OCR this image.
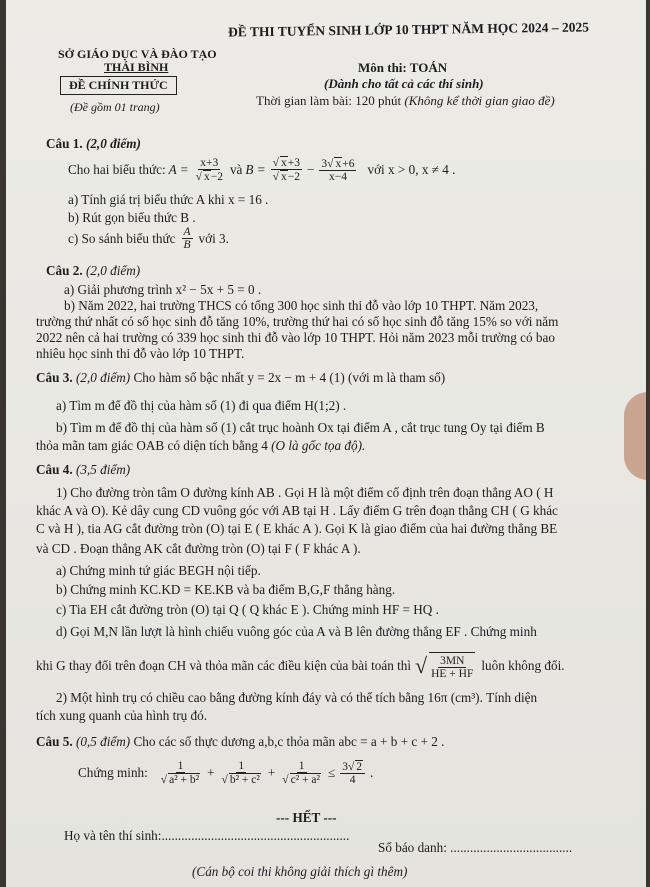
SỞ GIÁO DỤC VÀ ĐÀO TẠO
THÁI BÌNH
ĐỀ CHÍNH THỨC
(Đề gồm 01 trang)
ĐỀ THI TUYỂN SINH LỚP 10 THPT NĂM HỌC 2024 – 2025
Môn thi: TOÁN
(Dành cho tất cả các thí sinh)
Thời gian làm bài: 120 phút (Không kể thời gian giao đề)
Câu 1. (2,0 điểm)
Cho hai biểu thức: $A = \frac{x+3}{√ x-2}$ và $B = \frac{√ x+3}{√ x-2} - \frac{3√ x+6}{x-4}$ với x > 0, x ≠ 4 .
a) Tính giá trị biểu thức A khi x = 16 .
b) Rút gọn biểu thức B .
c) So sánh biểu thức $\frac{A}{B}$ với 3.
Câu 2. (2,0 điểm)
a) Giải phương trình x² − 5x + 5 = 0 .
b) Năm 2022, hai trường THCS có tổng 300 học sinh thi đỗ vào lớp 10 THPT. Năm 2023,
trường thứ nhất có số học sinh đỗ tăng 10%, trường thứ hai có số học sinh đỗ tăng 15% so với năm
2022 nên cả hai trường có 339 học sinh thi đỗ vào lớp 10 THPT. Hỏi năm 2023 mỗi trường có bao
nhiêu học sinh thi đỗ vào lớp 10 THPT.
Câu 3. (2,0 điểm) Cho hàm số bậc nhất y = 2x − m + 4 (1) (với m là tham số)
a) Tìm m để đồ thị của hàm số (1) đi qua điểm H(1;2) .
b) Tìm m để đồ thị của hàm số (1) cắt trục hoành Ox tại điểm A , cắt trục tung Oy tại điểm B
thỏa mãn tam giác OAB có diện tích bằng 4 (O là gốc tọa độ).
Câu 4. (3,5 điểm)
1) Cho đường tròn tâm O đường kính AB . Gọi H là một điểm cố định trên đoạn thẳng AO ( H
khác A và O). Kẻ dây cung CD vuông góc với AB tại H . Lấy điểm G trên đoạn thẳng CH ( G khác
C và H ), tia AG cắt đường tròn (O) tại E ( E khác A ). Gọi K là giao điểm của hai đường thẳng BE
và CD . Đoạn thẳng AK cắt đường tròn (O) tại F ( F khác A ).
a) Chứng minh tứ giác BEGH nội tiếp.
b) Chứng minh KC.KD = KE.KB và ba điểm B,G,F thẳng hàng.
c) Tia EH cắt đường tròn (O) tại Q ( Q khác E ). Chứng minh HF = HQ .
d) Gọi M,N lần lượt là hình chiếu vuông góc của A và B lên đường thẳng EF . Chứng minh
khi G thay đổi trên đoạn CH và thỏa mãn các điều kiện của bài toán thì √ $\frac{3MN}{HE + HF}$ luôn không đổi.
2) Một hình trụ có chiều cao bằng đường kính đáy và có thể tích bằng 16π (cm³). Tính diện
tích xung quanh của hình trụ đó.
Câu 5. (0,5 điểm) Cho các số thực dương a,b,c thỏa mãn abc = a + b + c + 2 .
Chứng minh: $\frac{1}{\text{√ a² + b²}} + \frac{1}{\text{√ b² + c²}} + \frac{1}{\text{√ c² + a²}} \le \frac{3√ 2}{4}$ .
--- HẾT ---
Họ và tên thí sinh:.........................................................
Số báo danh: .....................................
(Cán bộ coi thi không giải thích gì thêm)
